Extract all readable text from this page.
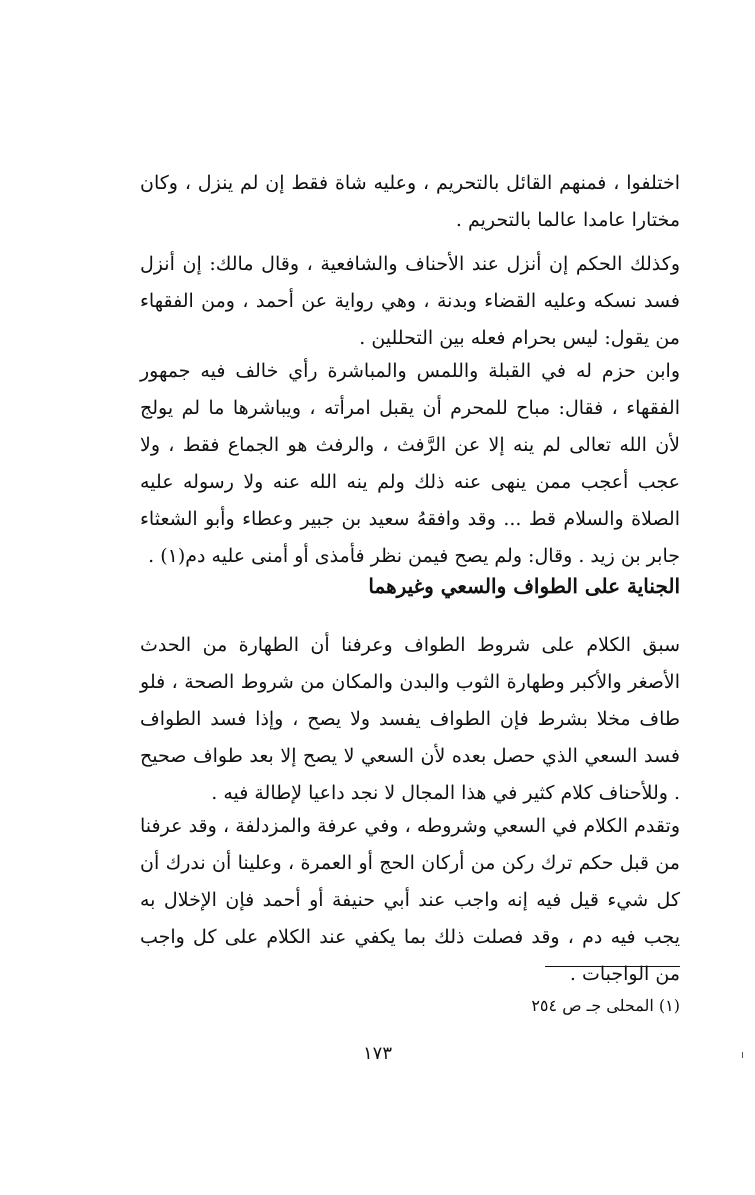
اختلفوا ، فمنهم القائل بالتحريم ، وعليه شاة فقط إن لم ينزل ، وكان مختارا عامدا عالما بالتحريم .

وكذلك الحكم إن أنزل عند الأحناف والشافعية ، وقال مالك: إن أنزل فسد نسكه وعليه القضاء وبدنة ، وهي رواية عن أحمد ، ومن الفقهاء من يقول: ليس بحرام فعله بين التحللين .

وابن حزم له في القبلة واللمس والمباشرة رأي خالف فيه جمهور الفقهاء ، فقال: مباح للمحرم أن يقبل امرأته ، ويباشرها ما لم يولج لأن الله تعالى لم ينه إلا عن الرَّفث ، والرفث هو الجماع فقط ، ولا عجب أعجب ممن ينهى عنه ذلك ولم ينه الله عنه ولا رسوله عليه الصلاة والسلام قط ... وقد وافقهُ سعيد بن جبير وعطاء وأبو الشعثاء جابر بن زيد . وقال: ولم يصح فيمن نظر فأمذى أو أمنى عليه دم(١) .

الجناية على الطواف والسعي وغيرهما

سبق الكلام على شروط الطواف وعرفنا أن الطهارة من الحدث الأصغر والأكبر وطهارة الثوب والبدن والمكان من شروط الصحة ، فلو طاف مخلا بشرط فإن الطواف يفسد ولا يصح ، وإذا فسد الطواف فسد السعي الذي حصل بعده لأن السعي لا يصح إلا بعد طواف صحيح . وللأحناف كلام كثير في هذا المجال لا نجد داعيا لإطالة فيه .

وتقدم الكلام في السعي وشروطه ، وفي عرفة والمزدلفة ، وقد عرفنا من قبل حكم ترك ركن من أركان الحج أو العمرة ، وعلينا أن ندرك أن كل شيء قيل فيه إنه واجب عند أبي حنيفة أو أحمد فإن الإخلال به يجب فيه دم ، وقد فصلت ذلك بما يكفي عند الكلام على كل واجب من الواجبات .

(١) المحلى جـ ص ٢٥٤

١٧٣
